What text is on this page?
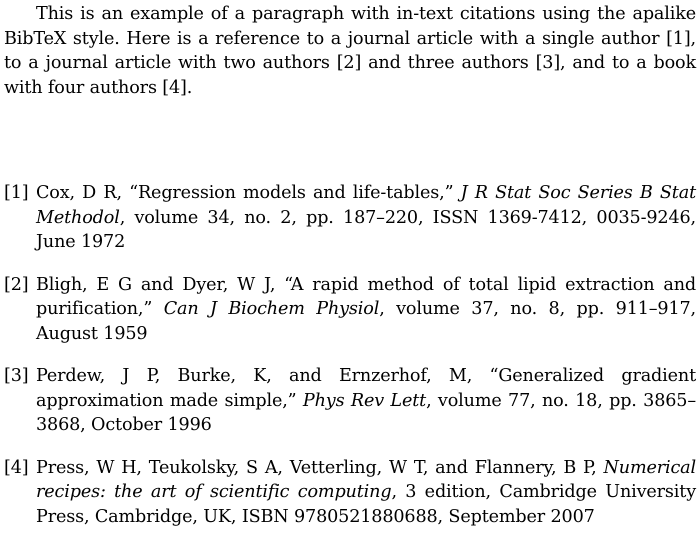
This is an example of a paragraph with in-text citations using the apalike BibTeX style. Here is a reference to a journal article with a single author [1], to a journal article with two authors [2] and three authors [3], and to a book with four authors [4].

[1] Cox, D R, “Regression models and life-tables,” J R Stat Soc Series B Stat Methodol, volume 34, no. 2, pp. 187–220, ISSN 1369-7412, 0035-9246, June 1972
[2] Bligh, E G and Dyer, W J, “A rapid method of total lipid extraction and purification,” Can J Biochem Physiol, volume 37, no. 8, pp. 911–917, August 1959
[3] Perdew, J P, Burke, K, and Ernzerhof, M, “Generalized gradient approximation made simple,” Phys Rev Lett, volume 77, no. 18, pp. 3865–3868, October 1996
[4] Press, W H, Teukolsky, S A, Vetterling, W T, and Flannery, B P, Numerical recipes: the art of scientific computing, 3 edition, Cambridge University Press, Cambridge, UK, ISBN 9780521880688, September 2007
